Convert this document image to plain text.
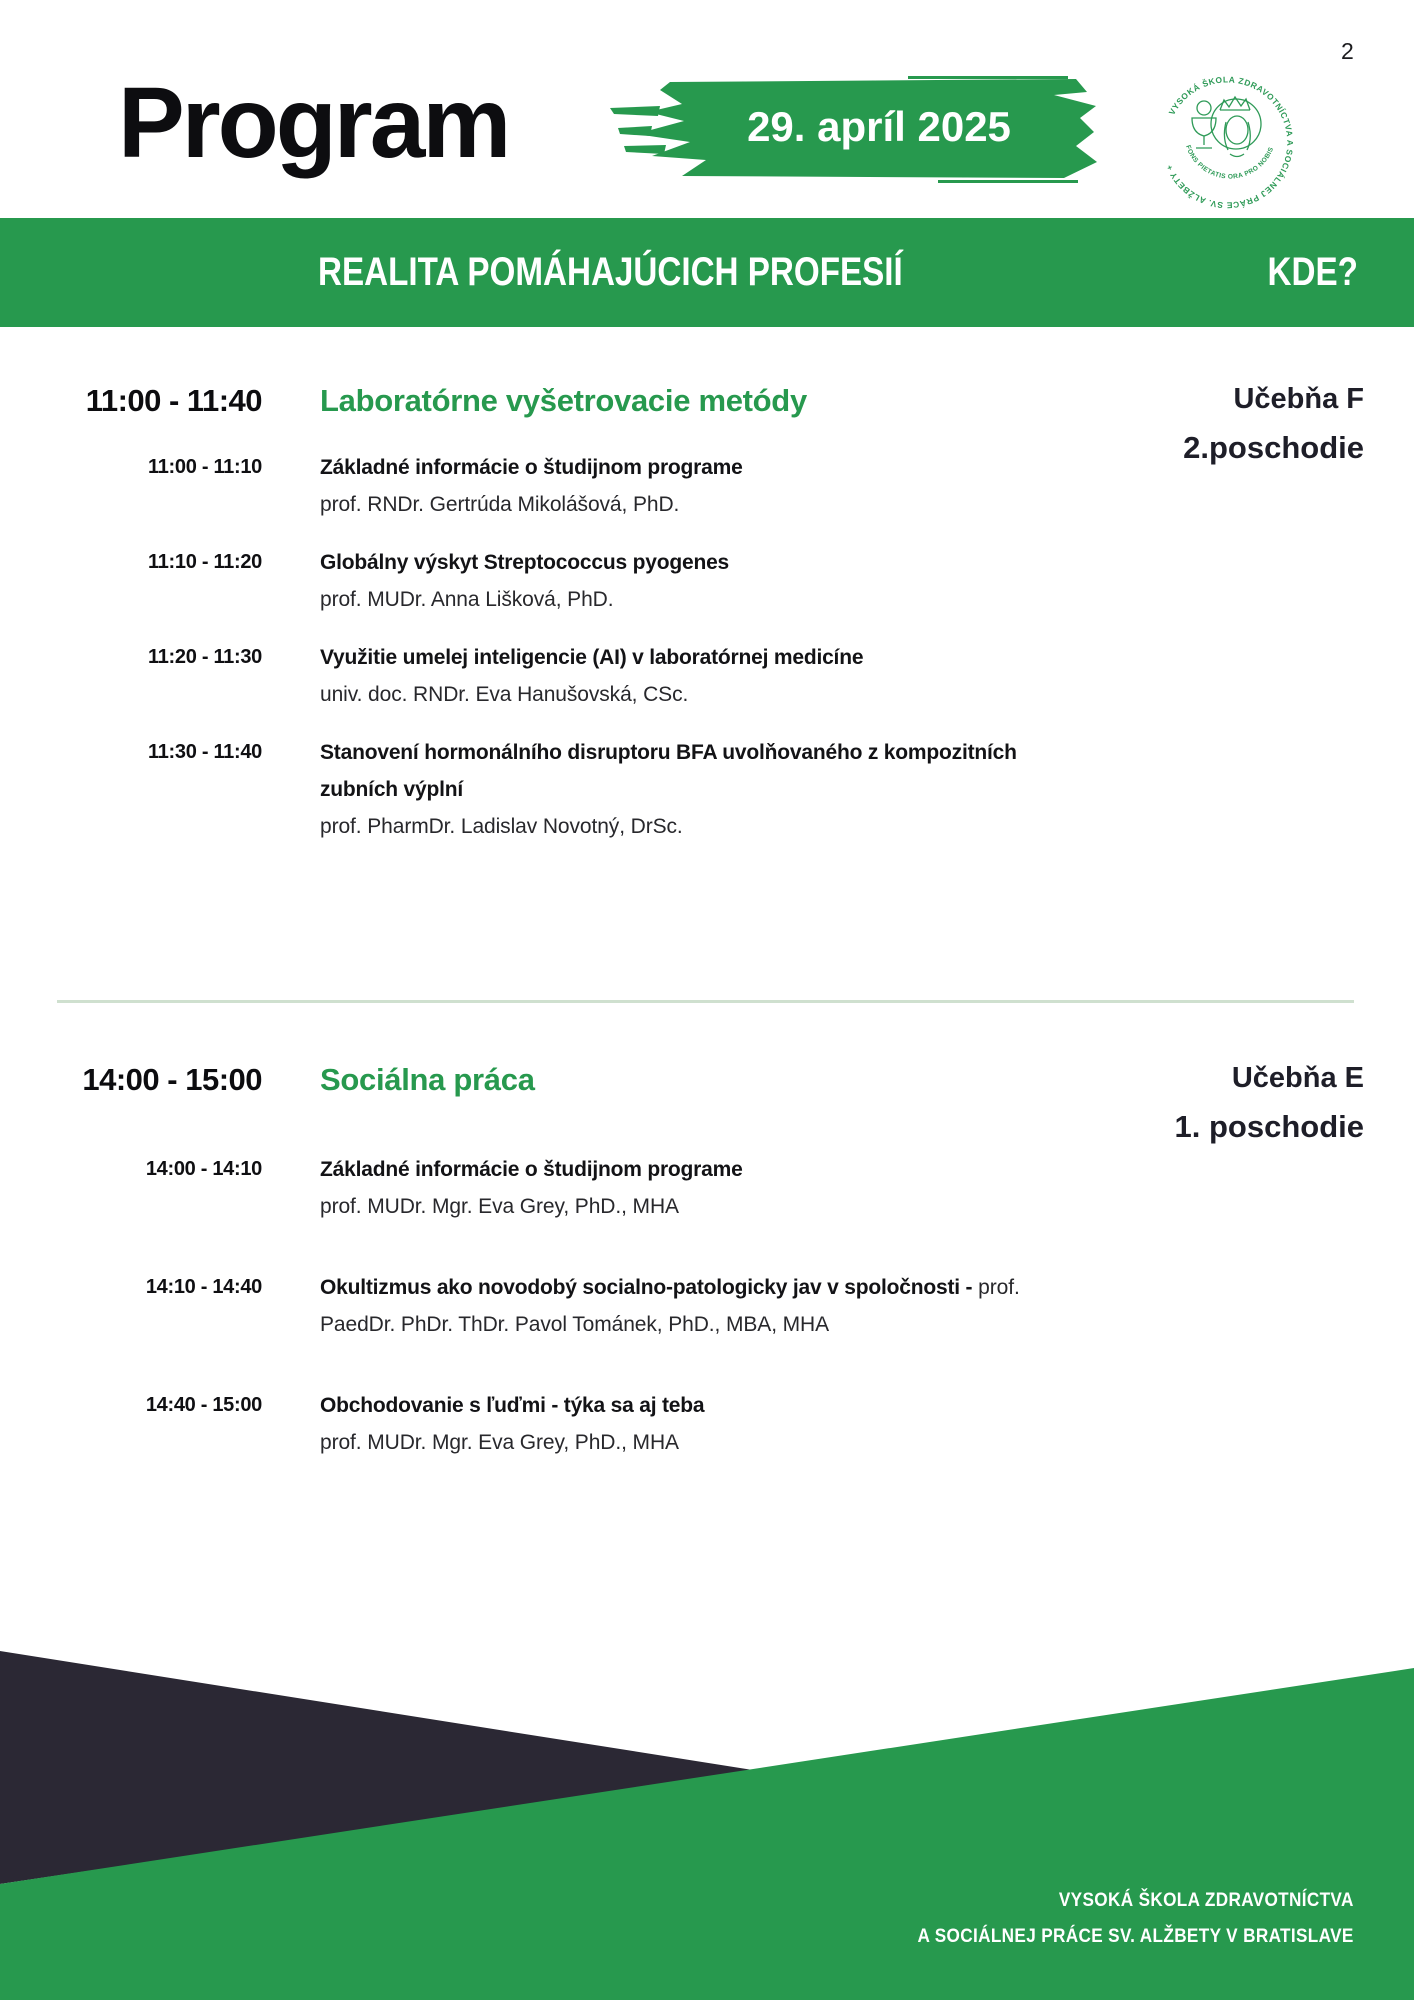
2
Program	29. apríl 2025	VYSOKÁ ŠKOLA ZDRAVOTNÍCTVA A SOCIÁLNEJ PRÁCE SV. ALŽBETY +
FONS PIETATIS ORA PRO NOBIS
REALITA POMÁHAJÚCICH PROFESIÍ	KDE?
11:00 - 11:40 Laboratórne vyšetrovacie metódy	Učebňa F
2.poschodie
11:00 - 11:10	Základné informácie o študijnom programe
prof. RNDr. Gertrúda Mikolášová, PhD.
11:10 - 11:20	Globálny výskyt Streptococcus pyogenes
prof. MUDr. Anna Lišková, PhD.
11:20 - 11:30	Využitie umelej inteligencie (AI) v laboratórnej medicíne
univ. doc. RNDr. Eva Hanušovská, CSc.
11:30 - 11:40	Stanovení hormonálního disruptoru BFA uvolňovaného z kompozitních zubních výplní
prof. PharmDr. Ladislav Novotný, DrSc.
14:00 - 15:00 Sociálna práca	Učebňa E
1. poschodie
14:00 - 14:10	Základné informácie o študijnom programe
prof. MUDr. Mgr. Eva Grey, PhD., MHA
14:10 - 14:40	Okultizmus ako novodobý socialno-patologicky jav v spoločnosti - prof. PaedDr. PhDr. ThDr. Pavol Tománek, PhD., MBA, MHA

14:40 - 15:00	Obchodovanie s ľuďmi - týka sa aj teba
prof. MUDr. Mgr. Eva Grey, PhD., MHA
VYSOKÁ ŠKOLA ZDRAVOTNÍCTVA
A SOCIÁLNEJ PRÁCE SV. ALŽBETY V BRATISLAVE
